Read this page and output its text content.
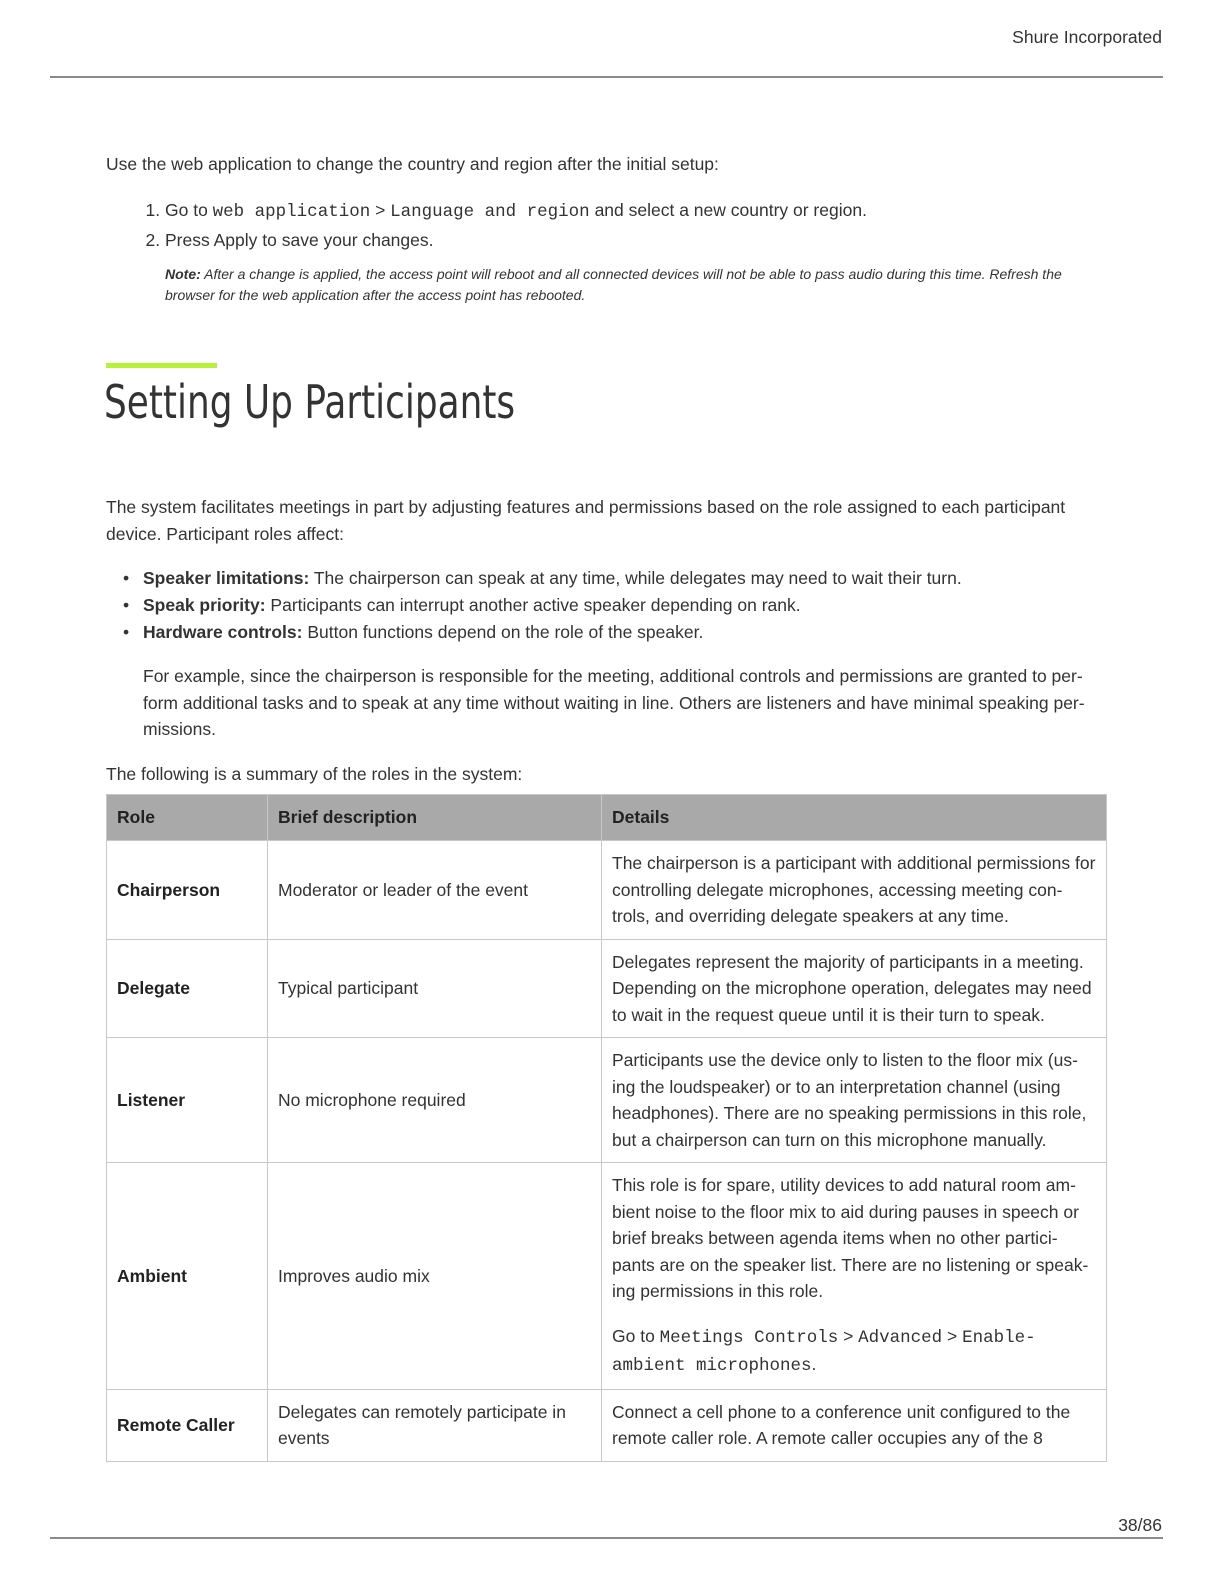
Shure Incorporated
Use the web application to change the country and region after the initial setup:
1. Go to web application > Language and region and select a new country or region.
2. Press Apply to save your changes.
Note: After a change is applied, the access point will reboot and all connected devices will not be able to pass audio during this time. Refresh the browser for the web application after the access point has rebooted.
Setting Up Participants
The system facilitates meetings in part by adjusting features and permissions based on the role assigned to each participant device. Participant roles affect:
• Speaker limitations: The chairperson can speak at any time, while delegates may need to wait their turn.
• Speak priority: Participants can interrupt another active speaker depending on rank.
• Hardware controls: Button functions depend on the role of the speaker.
For example, since the chairperson is responsible for the meeting, additional controls and permissions are granted to per-form additional tasks and to speak at any time without waiting in line. Others are listeners and have minimal speaking per-missions.
The following is a summary of the roles in the system:
Role	Brief description	Details
Chairperson	Moderator or leader of the event	The chairperson is a participant with additional permissions for controlling delegate microphones, accessing meeting con-trols, and overriding delegate speakers at any time.
Delegate	Typical participant	Delegates represent the majority of participants in a meeting. Depending on the microphone operation, delegates may need to wait in the request queue until it is their turn to speak.
Listener	No microphone required	Participants use the device only to listen to the floor mix (us-ing the loudspeaker) or to an interpretation channel (using headphones). There are no speaking permissions in this role, but a chairperson can turn on this microphone manually.
Ambient	Improves audio mix	This role is for spare, utility devices to add natural room am-bient noise to the floor mix to aid during pauses in speech or brief breaks between agenda items when no other partici-pants are on the speaker list. There are no listening or speak-ing permissions in this role.

Go to Meetings Controls > Advanced > Enable-ambient microphones.

Remote Caller	Delegates can remotely participate in events	Connect a cell phone to a conference unit configured to the remote caller role. A remote caller occupies any of the 8
38/86
